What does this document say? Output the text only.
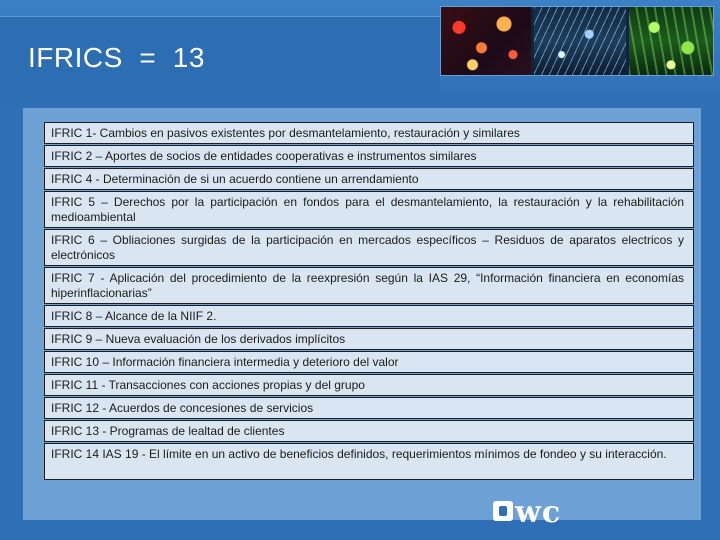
IFRICS  =  13
IFRIC 1- Cambios en pasivos existentes por desmantelamiento, restauración y similares
IFRIC 2 – Aportes de socios de entidades cooperativas e instrumentos similares
IFRIC 4 - Determinación de si un acuerdo contiene un arrendamiento
IFRIC 5 – Derechos por la participación en fondos para el desmantelamiento, la restauración y la rehabilitación medioambiental
IFRIC 6 – Obliaciones surgidas de la participación en mercados específicos – Residuos de aparatos electricos y electrónicos
IFRIC 7 - Aplicación del procedimiento de la reexpresión según la IAS 29, “Información financiera en economías hiperinflacionarias”
IFRIC 8 – Alcance de la NIIF 2.
IFRIC 9 – Nueva evaluación de los derivados implícitos
IFRIC 10 – Información financiera intermedia y deterioro del valor
IFRIC 11 - Transacciones con acciones propias y del grupo
IFRIC 12 - Acuerdos de concesiones de servicios
IFRIC 13 - Programas de lealtad de clientes
IFRIC 14 IAS 19 - El límite en un activo de beneficios definidos, requerimientos mínimos de fondeo y su interacción.
wc
